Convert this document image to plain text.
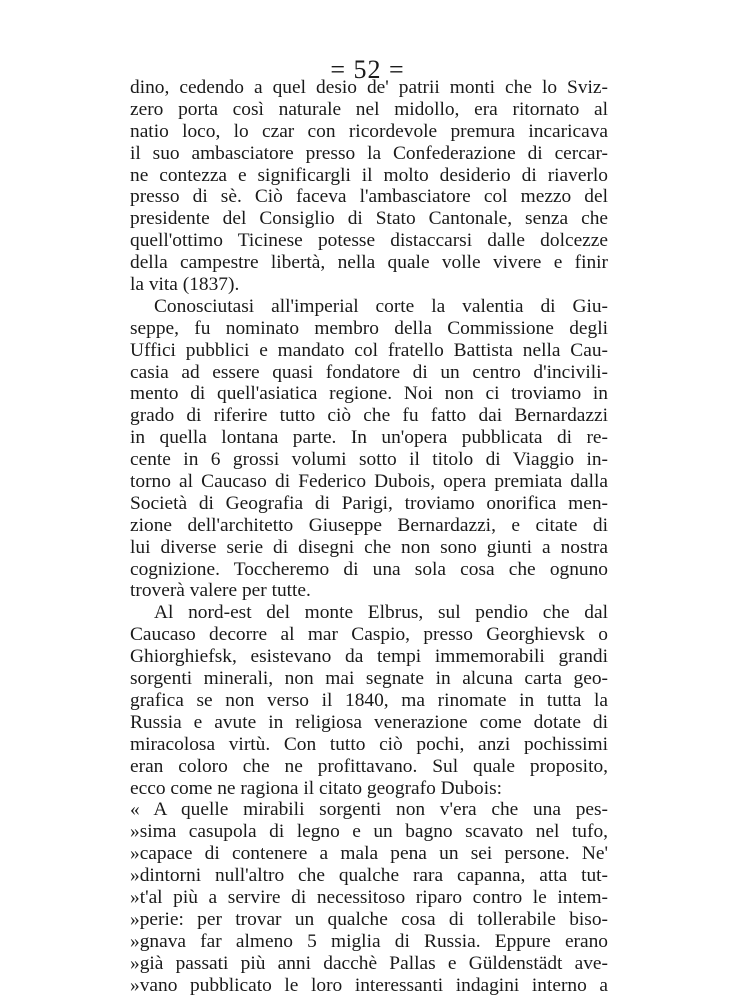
= 52 =
dino, cedendo a quel desio de' patrii monti che lo Sviz-
zero porta così naturale nel midollo, era ritornato al
natio loco, lo czar con ricordevole premura incaricava
il suo ambasciatore presso la Confederazione di cercar-
ne contezza e significargli il molto desiderio di riaverlo
presso di sè. Ciò faceva l'ambasciatore col mezzo del
presidente del Consiglio di Stato Cantonale, senza che
quell'ottimo Ticinese potesse distaccarsi dalle dolcezze
della campestre libertà, nella quale volle vivere e finir
la vita (1837).
Conosciutasi all'imperial corte la valentia di Giu-
seppe, fu nominato membro della Commissione degli
Uffici pubblici e mandato col fratello Battista nella Cau-
casia ad essere quasi fondatore di un centro d'incivili-
mento di quell'asiatica regione. Noi non ci troviamo in
grado di riferire tutto ciò che fu fatto dai Bernardazzi
in quella lontana parte. In un'opera pubblicata di re-
cente in 6 grossi volumi sotto il titolo di Viaggio in-
torno al Caucaso di Federico Dubois, opera premiata dalla
Società di Geografia di Parigi, troviamo onorifica men-
zione dell'architetto Giuseppe Bernardazzi, e citate di
lui diverse serie di disegni che non sono giunti a nostra
cognizione. Toccheremo di una sola cosa che ognuno
troverà valere per tutte.
Al nord-est del monte Elbrus, sul pendio che dal
Caucaso decorre al mar Caspio, presso Georghievsk o
Ghiorghiefsk, esistevano da tempi immemorabili grandi
sorgenti minerali, non mai segnate in alcuna carta geo-
grafica se non verso il 1840, ma rinomate in tutta la
Russia e avute in religiosa venerazione come dotate di
miracolosa virtù. Con tutto ciò pochi, anzi pochissimi
eran coloro che ne profittavano. Sul quale proposito,
ecco come ne ragiona il citato geografo Dubois:
« A quelle mirabili sorgenti non v'era che una pes-
»sima casupola di legno e un bagno scavato nel tufo,
»capace di contenere a mala pena un sei persone. Ne'
»dintorni null'altro che qualche rara capanna, atta tut-
»t'al più a servire di necessitoso riparo contro le intem-
»perie: per trovar un qualche cosa di tollerabile biso-
»gnava far almeno 5 miglia di Russia. Eppure erano
»già passati più anni dacchè Pallas e Güldenstädt ave-
»vano pubblicato le loro interessanti indagini interno a
